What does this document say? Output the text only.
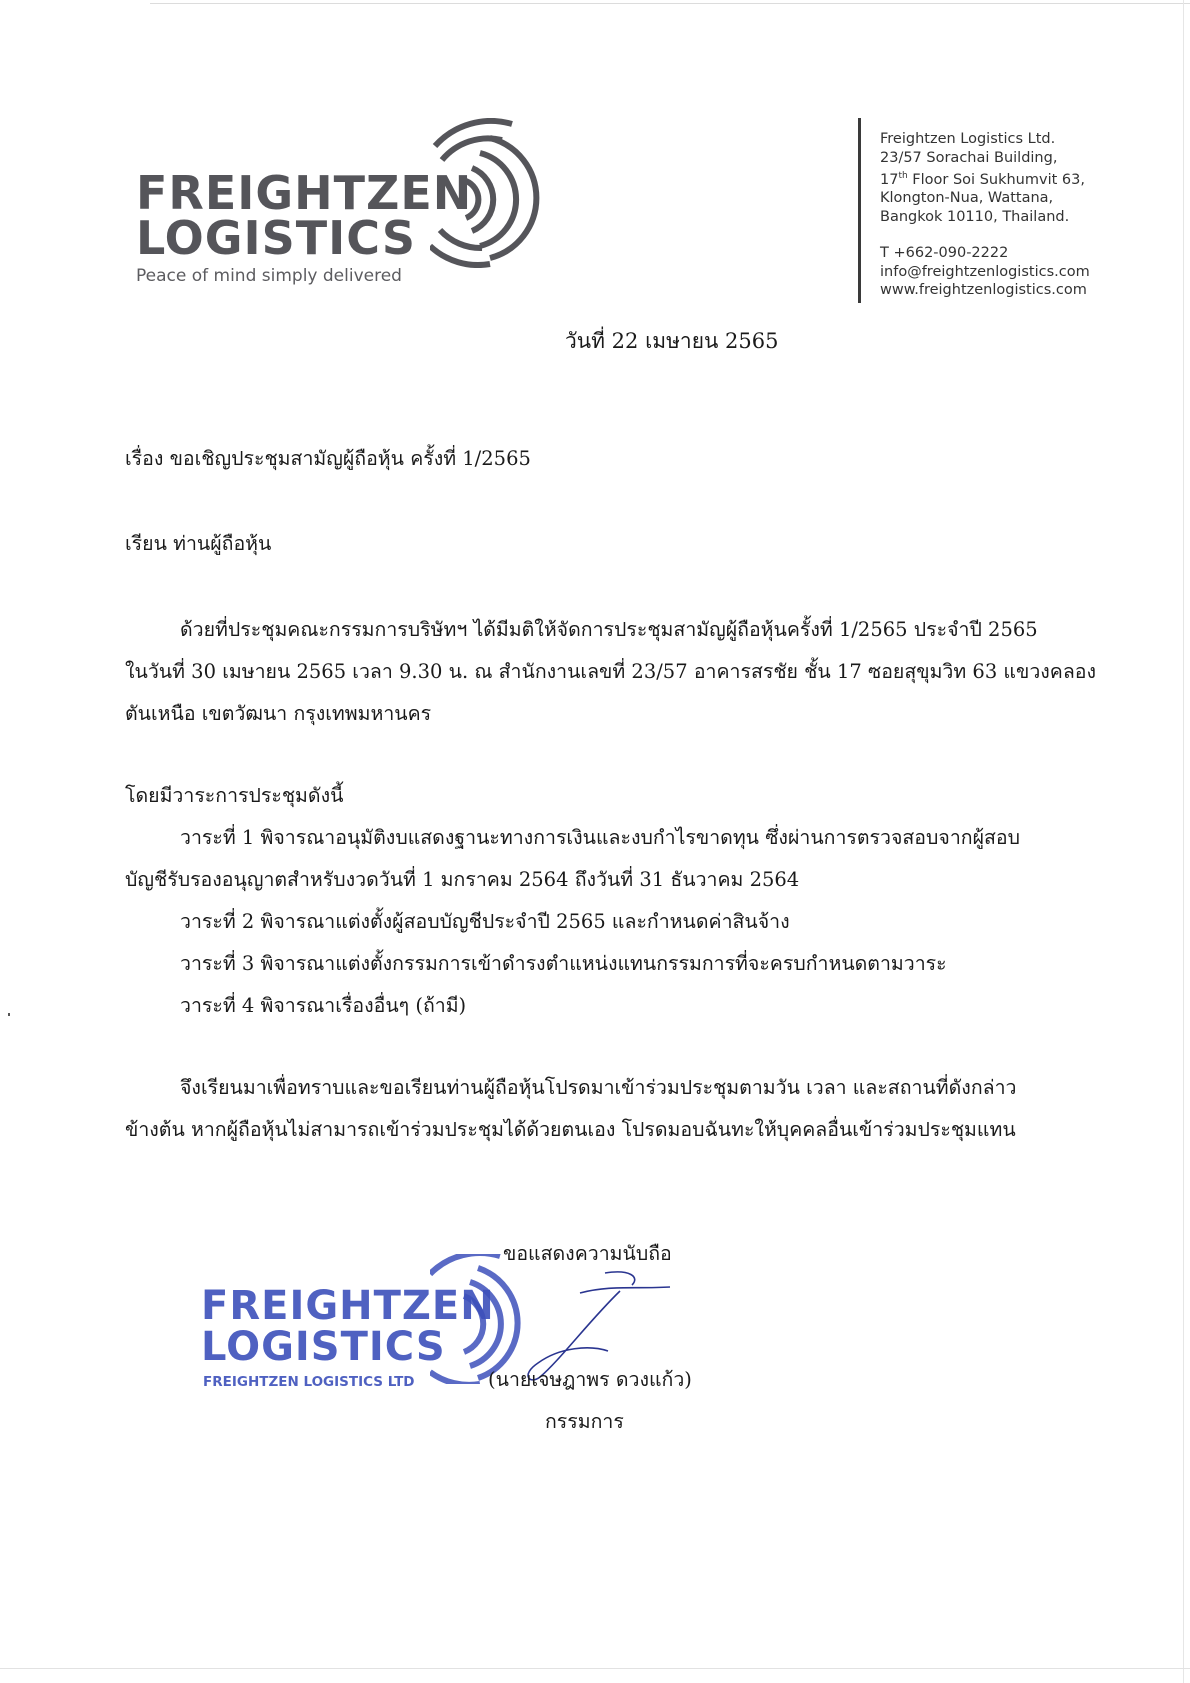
FREIGHTZEN
LOGISTICS
Peace of mind simply delivered
Freightzen Logistics Ltd.
23/57 Sorachai Building,
17th Floor Soi Sukhumvit 63,
Klongton-Nua, Wattana,
Bangkok 10110, Thailand.
T +662-090-2222
info@freightzenlogistics.com
www.freightzenlogistics.com
วันที่ 22 เมษายน 2565
เรื่อง ขอเชิญประชุมสามัญผู้ถือหุ้น ครั้งที่ 1/2565
เรียน ท่านผู้ถือหุ้น
ด้วยที่ประชุมคณะกรรมการบริษัทฯ ได้มีมติให้จัดการประชุมสามัญผู้ถือหุ้นครั้งที่ 1/2565 ประจำปี 2565
ในวันที่ 30 เมษายน 2565 เวลา 9.30 น. ณ สำนักงานเลขที่ 23/57 อาคารสรชัย ชั้น 17 ซอยสุขุมวิท 63 แขวงคลอง
ตันเหนือ เขตวัฒนา กรุงเทพมหานคร
โดยมีวาระการประชุมดังนี้
วาระที่ 1 พิจารณาอนุมัติงบแสดงฐานะทางการเงินและงบกำไรขาดทุน ซึ่งผ่านการตรวจสอบจากผู้สอบ
บัญชีรับรองอนุญาตสำหรับงวดวันที่ 1 มกราคม 2564 ถึงวันที่ 31 ธันวาคม 2564
วาระที่ 2 พิจารณาแต่งตั้งผู้สอบบัญชีประจำปี 2565 และกำหนดค่าสินจ้าง
วาระที่ 3 พิจารณาแต่งตั้งกรรมการเข้าดำรงตำแหน่งแทนกรรมการที่จะครบกำหนดตามวาระ
วาระที่ 4 พิจารณาเรื่องอื่นๆ (ถ้ามี)
จึงเรียนมาเพื่อทราบและขอเรียนท่านผู้ถือหุ้นโปรดมาเข้าร่วมประชุมตามวัน เวลา และสถานที่ดังกล่าว
ข้างต้น หากผู้ถือหุ้นไม่สามารถเข้าร่วมประชุมได้ด้วยตนเอง โปรดมอบฉันทะให้บุคคลอื่นเข้าร่วมประชุมแทน
ขอแสดงความนับถือ
FREIGHTZEN
LOGISTICS
FREIGHTZEN LOGISTICS LTD	(นายเจษฎาพร ดวงแก้ว)
กรรมการ
